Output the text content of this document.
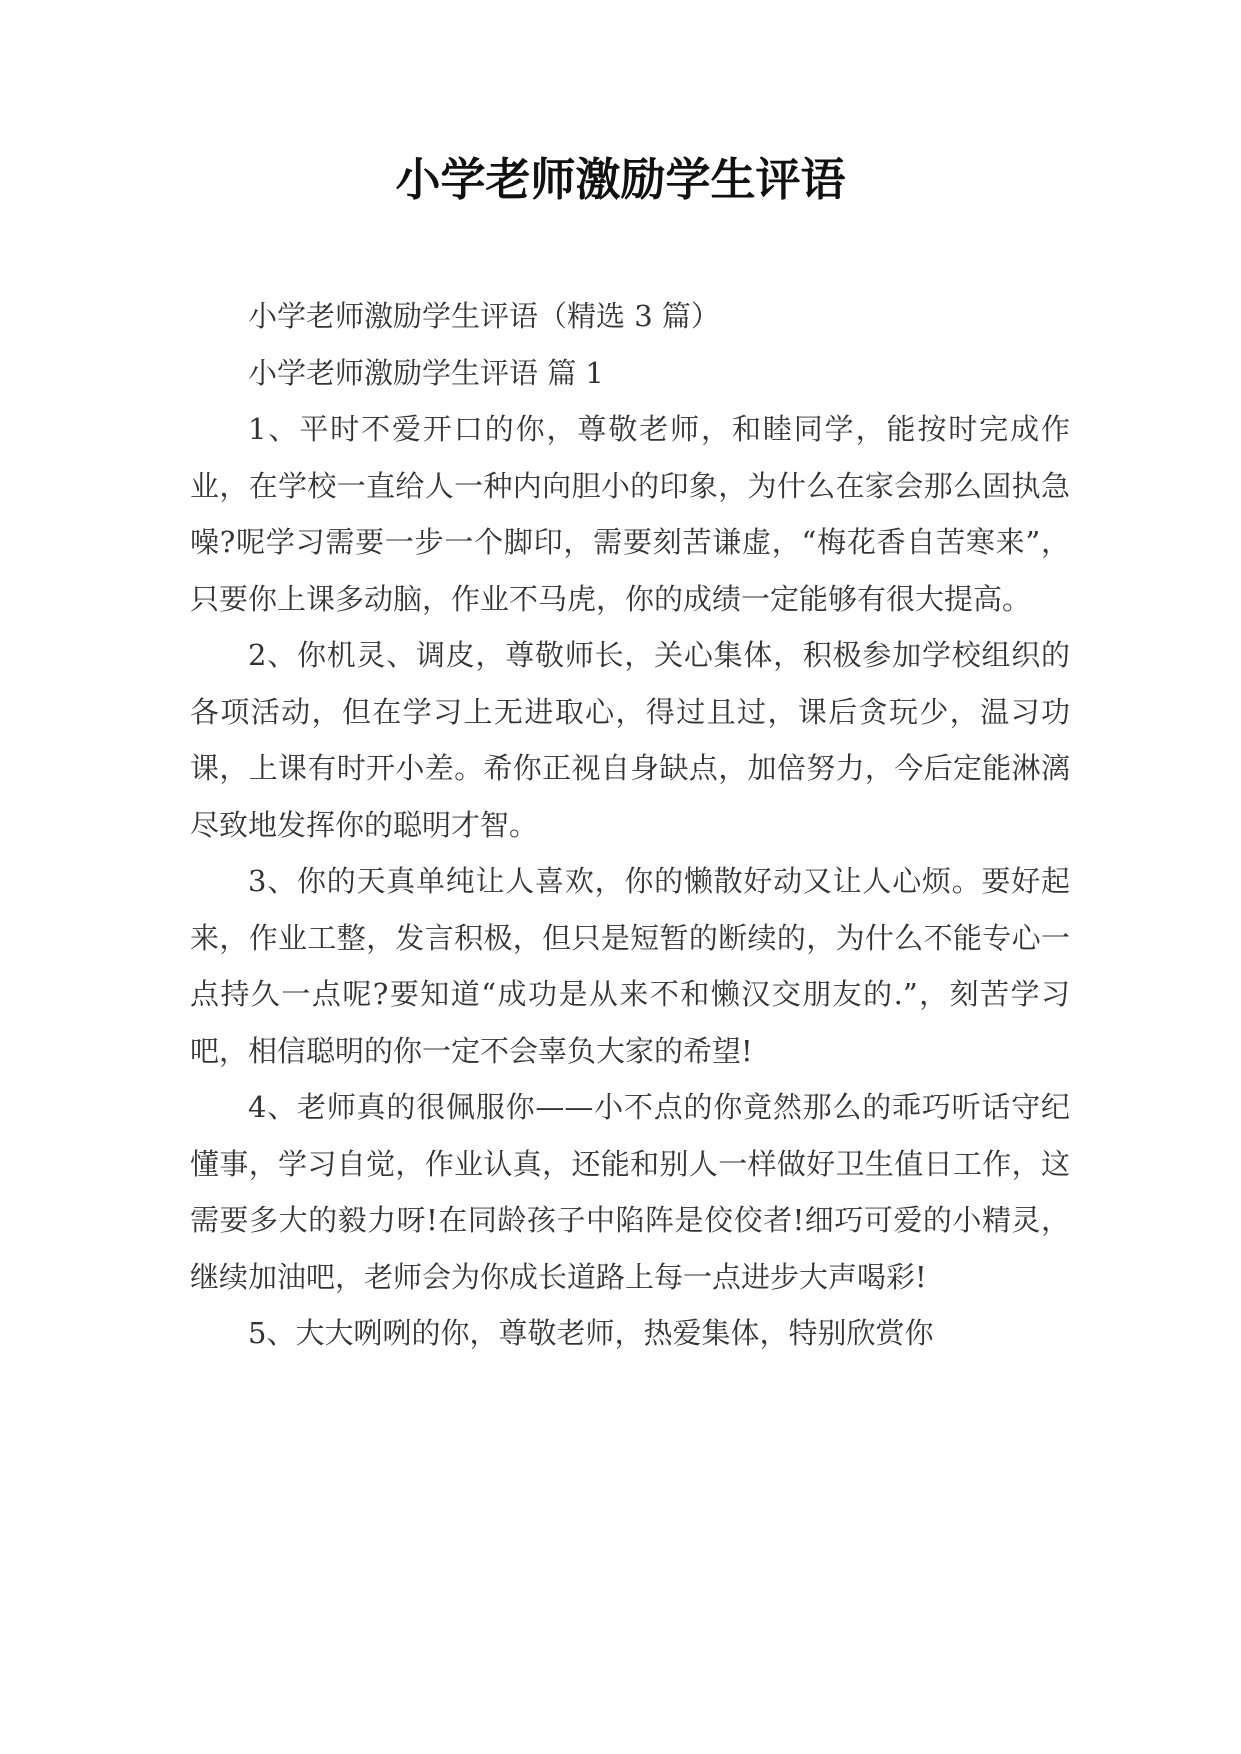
小学老师激励学生评语

小学老师激励学生评语（精选 3 篇）

小学老师激励学生评语 篇 1

1、平时不爱开口的你，尊敬老师，和睦同学，能按时完成作业，在学校一直给人一种内向胆小的印象，为什么在家会那么固执急噪?呢学习需要一步一个脚印，需要刻苦谦虚，“梅花香自苦寒来”，只要你上课多动脑，作业不马虎，你的成绩一定能够有很大提高。

2、你机灵、调皮，尊敬师长，关心集体，积极参加学校组织的各项活动，但在学习上无进取心，得过且过，课后贪玩少，温习功课，上课有时开小差。希你正视自身缺点，加倍努力，今后定能淋漓尽致地发挥你的聪明才智。

3、你的天真单纯让人喜欢，你的懒散好动又让人心烦。要好起来，作业工整，发言积极，但只是短暂的断续的，为什么不能专心一点持久一点呢?要知道“成功是从来不和懒汉交朋友的.”，刻苦学习吧，相信聪明的你一定不会辜负大家的希望!

4、老师真的很佩服你——小不点的你竟然那么的乖巧听话守纪懂事，学习自觉，作业认真，还能和别人一样做好卫生值日工作，这需要多大的毅力呀!在同龄孩子中陷阵是佼佼者!细巧可爱的小精灵，继续加油吧，老师会为你成长道路上每一点进步大声喝彩!

5、大大咧咧的你，尊敬老师，热爱集体，特别欣赏你
